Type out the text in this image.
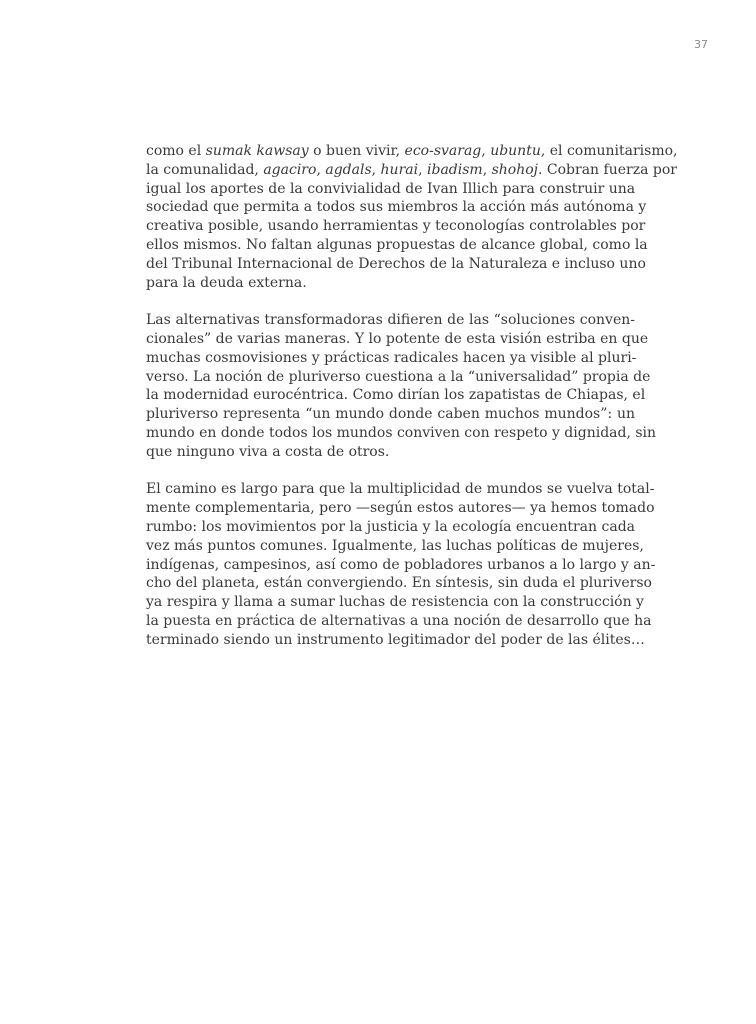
37
como el sumak kawsay o buen vivir, eco-svarag, ubuntu, el comunitarismo,
la comunalidad, agaciro, agdals, hurai, ibadism, shohoj. Cobran fuerza por
igual los aportes de la convivialidad de Ivan Illich para construir una
sociedad que permita a todos sus miembros la acción más autónoma y
creativa posible, usando herramientas y teconologías controlables por
ellos mismos. No faltan algunas propuestas de alcance global, como la
del Tribunal Internacional de Derechos de la Naturaleza e incluso uno
para la deuda externa.
Las alternativas transformadoras difieren de las “soluciones conven-
cionales” de varias maneras. Y lo potente de esta visión estriba en que
muchas cosmovisiones y prácticas radicales hacen ya visible al pluri-
verso. La noción de pluriverso cuestiona a la “universalidad” propia de
la modernidad eurocéntrica. Como dirían los zapatistas de Chiapas, el
pluriverso representa “un mundo donde caben muchos mundos”: un
mundo en donde todos los mundos conviven con respeto y dignidad, sin
que ninguno viva a costa de otros.
El camino es largo para que la multiplicidad de mundos se vuelva total-
mente complementaria, pero —según estos autores— ya hemos tomado
rumbo: los movimientos por la justicia y la ecología encuentran cada
vez más puntos comunes. Igualmente, las luchas políticas de mujeres,
indígenas, campesinos, así como de pobladores urbanos a lo largo y an-
cho del planeta, están convergiendo. En síntesis, sin duda el pluriverso
ya respira y llama a sumar luchas de resistencia con la construcción y
la puesta en práctica de alternativas a una noción de desarrollo que ha
terminado siendo un instrumento legitimador del poder de las élites…
